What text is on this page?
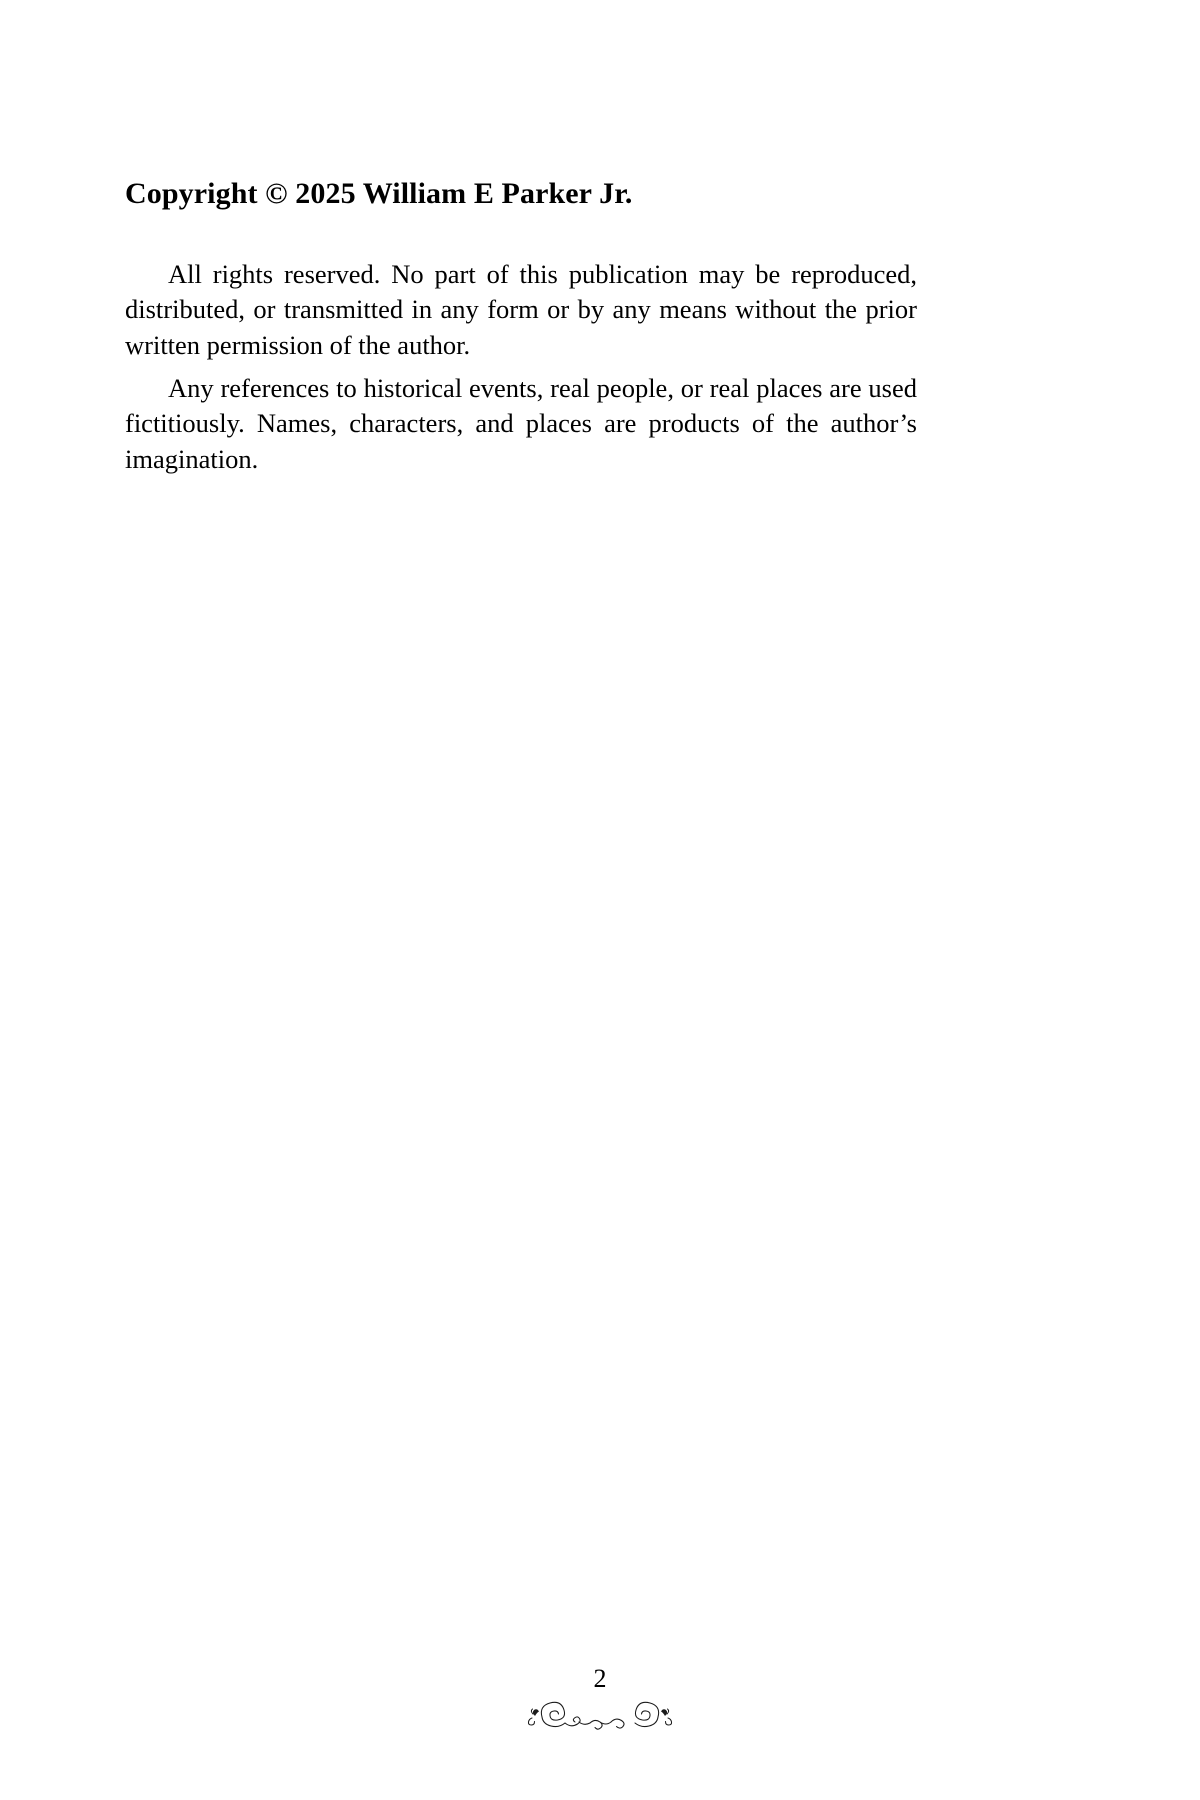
Copyright © 2025 William E Parker Jr.

All rights reserved. No part of this publication may be reproduced, distributed, or transmitted in any form or by any means without the prior written permission of the author.

Any references to historical events, real people, or real places are used fictitiously. Names, characters, and places are products of the author’s imagination.

2
